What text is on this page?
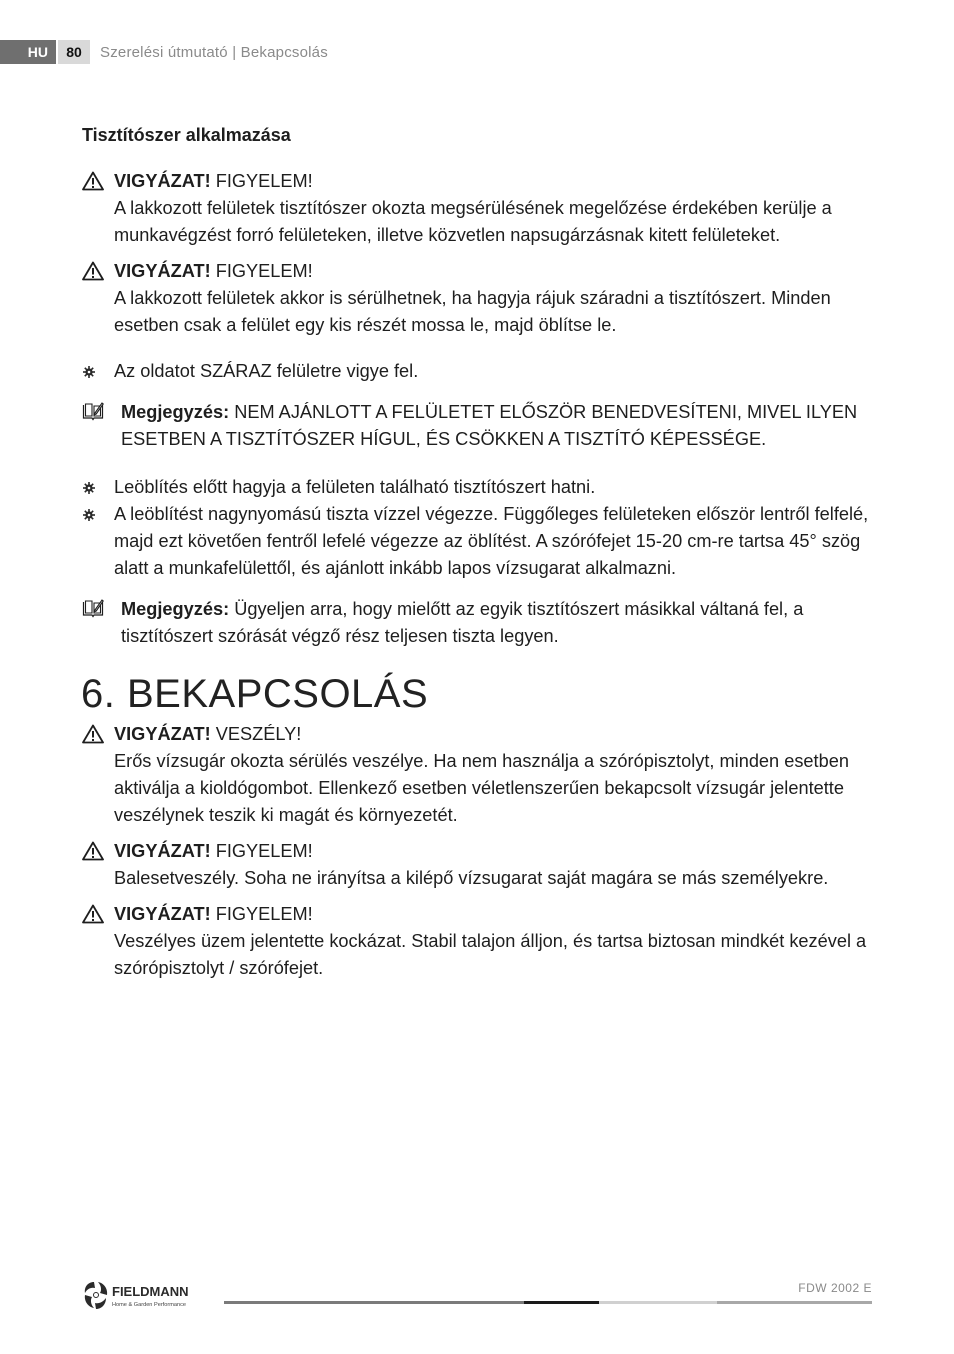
HU	80	Szerelési útmutató | Bekapcsolás
Tisztítószer alkalmazása
VIGYÁZAT! FIGYELEM!
A lakkozott felületek tisztítószer okozta megsérülésének megelőzése érdekében kerülje a munkavégzést forró felületeken, illetve közvetlen napsugárzásnak kitett felületeket.
VIGYÁZAT! FIGYELEM!
A lakkozott felületek akkor is sérülhetnek, ha hagyja rájuk száradni a tisztítószert. Minden esetben csak a felület egy kis részét mossa le, majd öblítse le.
Az oldatot SZÁRAZ felületre vigye fel.
Megjegyzés: NEM AJÁNLOTT A FELÜLETET ELŐSZÖR BENEDVESÍTENI, MIVEL ILYEN ESETBEN A TISZTÍTÓSZER HÍGUL, ÉS CSÖKKEN A TISZTÍTÓ KÉPESSÉGE.
Leöblítés előtt hagyja a felületen található tisztítószert hatni.
A leöblítést nagynyomású tiszta vízzel végezze. Függőleges felületeken először lentről felfelé, majd ezt követően fentről lefelé végezze az öblítést. A szórófejet 15-20 cm-re tartsa 45° szög alatt a munkafelülettől, és ajánlott inkább lapos vízsugarat alkalmazni.
Megjegyzés: Ügyeljen arra, hogy mielőtt az egyik tisztítószert másikkal váltaná fel, a tisztítószert szórását végző rész teljesen tiszta legyen.
6. BEKAPCSOLÁS
VIGYÁZAT! VESZÉLY!
Erős vízsugár okozta sérülés veszélye. Ha nem használja a szórópisztolyt, minden esetben aktiválja a kioldógombot. Ellenkező esetben véletlenszerűen bekapcsolt vízsugár jelentette veszélynek teszik ki magát és környezetét.
VIGYÁZAT! FIGYELEM!
Balesetveszély. Soha ne irányítsa a kilépő vízsugarat saját magára se más személyekre.
VIGYÁZAT! FIGYELEM!
Veszélyes üzem jelentette kockázat. Stabil talajon álljon, és tartsa biztosan mindkét kezével a szórópisztolyt / szórófejet.
FIELDMANN
Home & Garden Performance
FDW 2002 E
